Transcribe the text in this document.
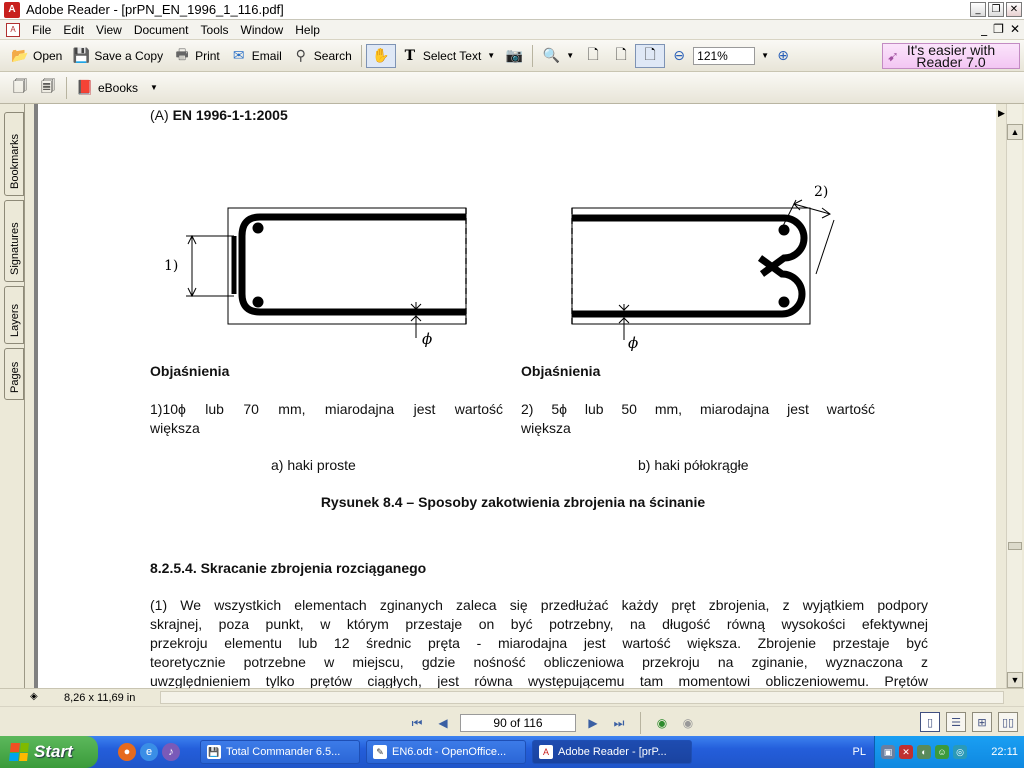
A Adobe Reader - [prPN_EN_1996_1_116.pdf]	_	❐ ✕
A	File	Edit	View	Document	Tools	Window	Help	_ ❐ ✕
📂 Open 💾 Save a Copy 🖶 Print ✉ Email ⚲ Search ✋ T Select Text ▼ 📷 🔍 ▼ 🗋 🗋 🗋 ⊖
121%	▼ ⊕	➹ It's easier with Reader 7.0
🗍 🗐 📕 eBooks ▼
Bookmarks
Signatures
Layers
Pages
(A) EN 1996-1-1:2005
1)
ϕ
2)
ϕ
Objaśnienia	Objaśnienia
1)10ϕ lub 70 mm, miarodajna jest wartość
większa
2) 5ϕ lub 50 mm, miarodajna jest wartość
większa
a) haki proste	b) haki półokrągłe
Rysunek 8.4 – Sposoby zakotwienia zbrojenia na ścinanie
8.2.5.4. Skracanie zbrojenia rozciąganego
(1) We wszystkich elementach zginanych zaleca się przedłużać każdy pręt zbrojenia, z wyjątkiem podpory
skrajnej, poza punkt, w którym przestaje on być potrzebny, na długość równą wysokości efektywnej
przekroju elementu lub 12 średnic pręta - miarodajna jest wartość większa. Zbrojenie przestaje być
teoretycznie potrzebne w miejscu, gdzie nośność obliczeniowa przekroju na zginanie, wyznaczona z
uwzględnieniem tylko prętów ciągłych, jest równa występującemu tam momentowi obliczeniowemu. Prętów
▶
▲
▼
◈ 8,26 x 11,69 in
⏮	◀	90 of 116	▶	⏭	◉	◉	▯	☰	⊞	▯▯
Start	●	e	♪	💾 Total Commander 6.5...	✎ EN6.odt - OpenOffice...	A Adobe Reader - [prP...	PL	▣	✕	◐	☺	◎ 22:11
